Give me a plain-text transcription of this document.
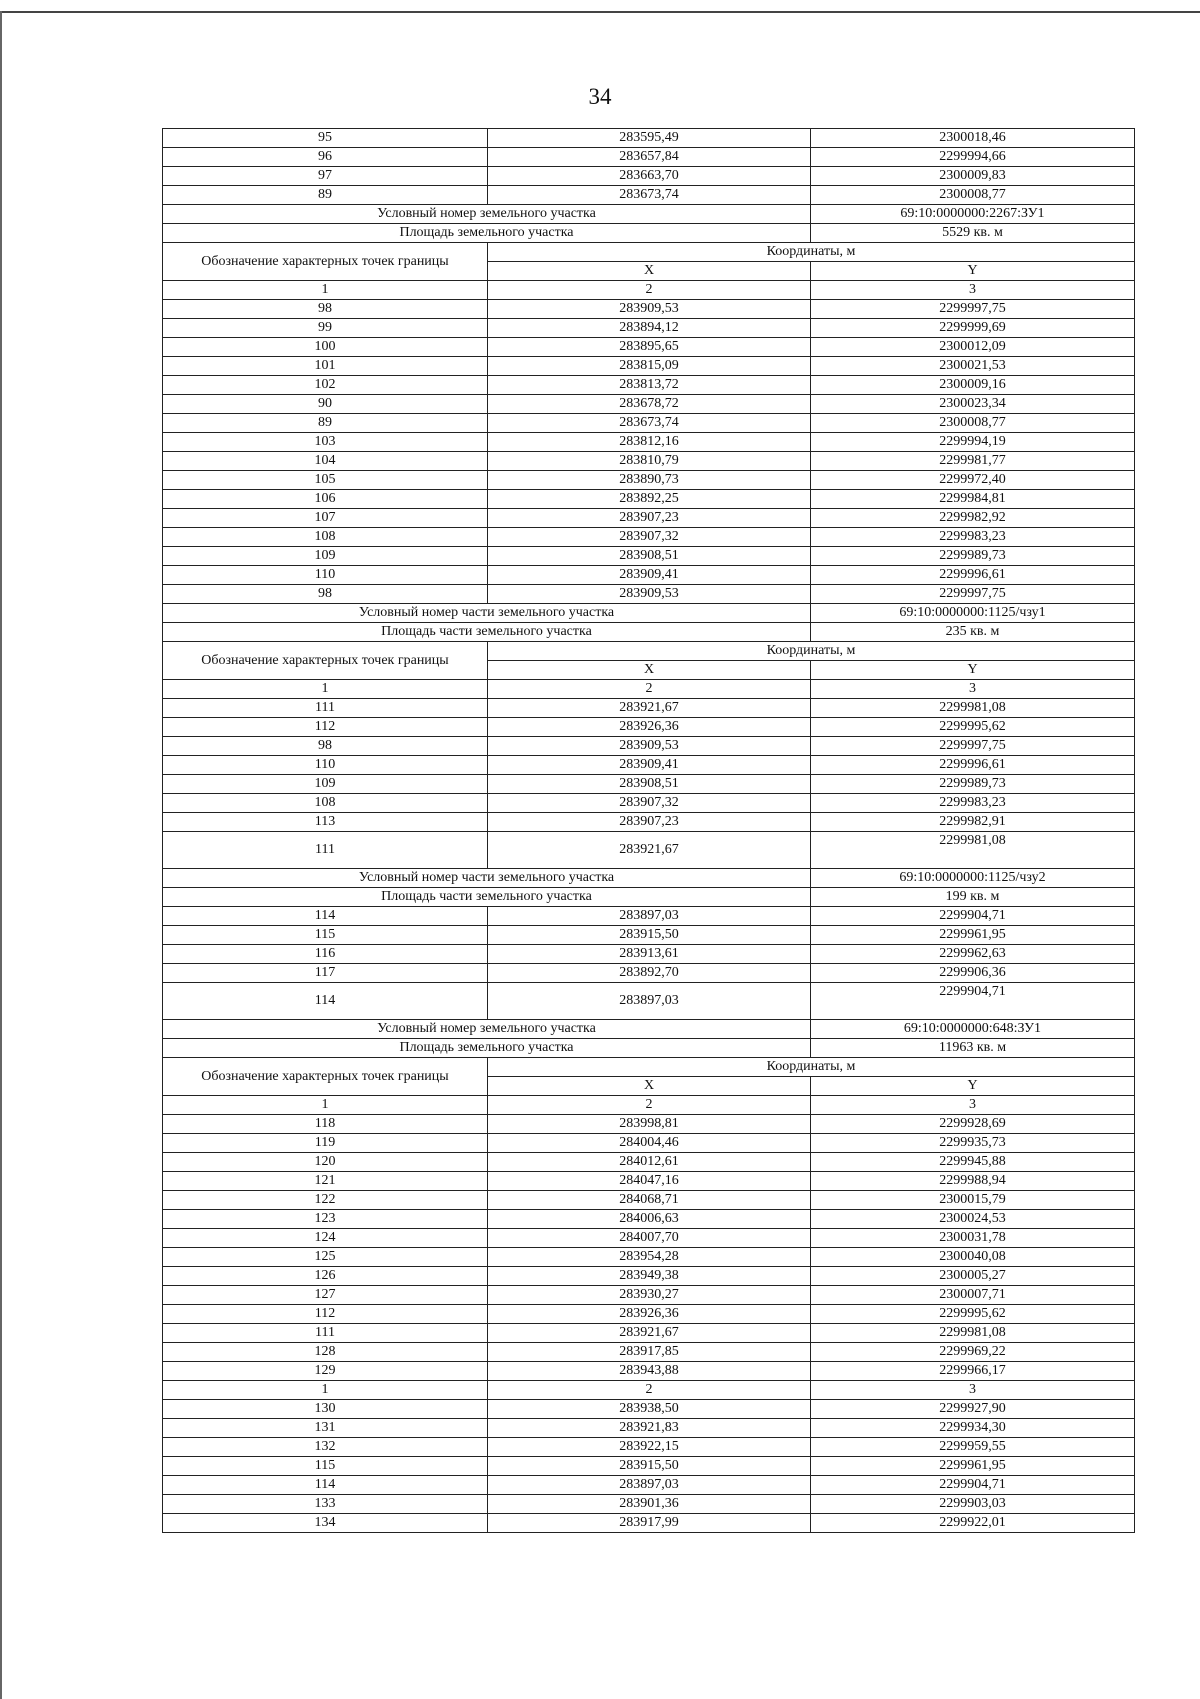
34
95	283595,49	2300018,46
96	283657,84	2299994,66
97	283663,70	2300009,83
89	283673,74	2300008,77
Условный номер земельного участка		69:10:0000000:2267:ЗУ1
Площадь земельного участка		5529 кв. м
Обозначение характерных точек границы	Координаты, м	
	X	Y
1	2	3
98	283909,53	2299997,75
99	283894,12	2299999,69
100	283895,65	2300012,09
101	283815,09	2300021,53
102	283813,72	2300009,16
90	283678,72	2300023,34
89	283673,74	2300008,77
103	283812,16	2299994,19
104	283810,79	2299981,77
105	283890,73	2299972,40
106	283892,25	2299984,81
107	283907,23	2299982,92
108	283907,32	2299983,23
109	283908,51	2299989,73
110	283909,41	2299996,61
98	283909,53	2299997,75
Условный номер части земельного участка		69:10:0000000:1125/чзу1
Площадь части земельного участка		235 кв. м
Обозначение характерных точек границы	Координаты, м	
	X	Y
1	2	3
111	283921,67	2299981,08
112	283926,36	2299995,62
98	283909,53	2299997,75
110	283909,41	2299996,61
109	283908,51	2299989,73
108	283907,32	2299983,23
113	283907,23	2299982,91
111	283921,67	2299981,08
Условный номер части земельного участка		69:10:0000000:1125/чзу2
Площадь части земельного участка		199 кв. м
114	283897,03	2299904,71
115	283915,50	2299961,95
116	283913,61	2299962,63
117	283892,70	2299906,36
114	283897,03	2299904,71
Условный номер земельного участка		69:10:0000000:648:ЗУ1
Площадь земельного участка		11963 кв. м
Обозначение характерных точек границы	Координаты, м	
	X	Y
1	2	3
118	283998,81	2299928,69
119	284004,46	2299935,73
120	284012,61	2299945,88
121	284047,16	2299988,94
122	284068,71	2300015,79
123	284006,63	2300024,53
124	284007,70	2300031,78
125	283954,28	2300040,08
126	283949,38	2300005,27
127	283930,27	2300007,71
112	283926,36	2299995,62
111	283921,67	2299981,08
128	283917,85	2299969,22
129	283943,88	2299966,17
1	2	3
130	283938,50	2299927,90
131	283921,83	2299934,30
132	283922,15	2299959,55
115	283915,50	2299961,95
114	283897,03	2299904,71
133	283901,36	2299903,03
134	283917,99	2299922,01
